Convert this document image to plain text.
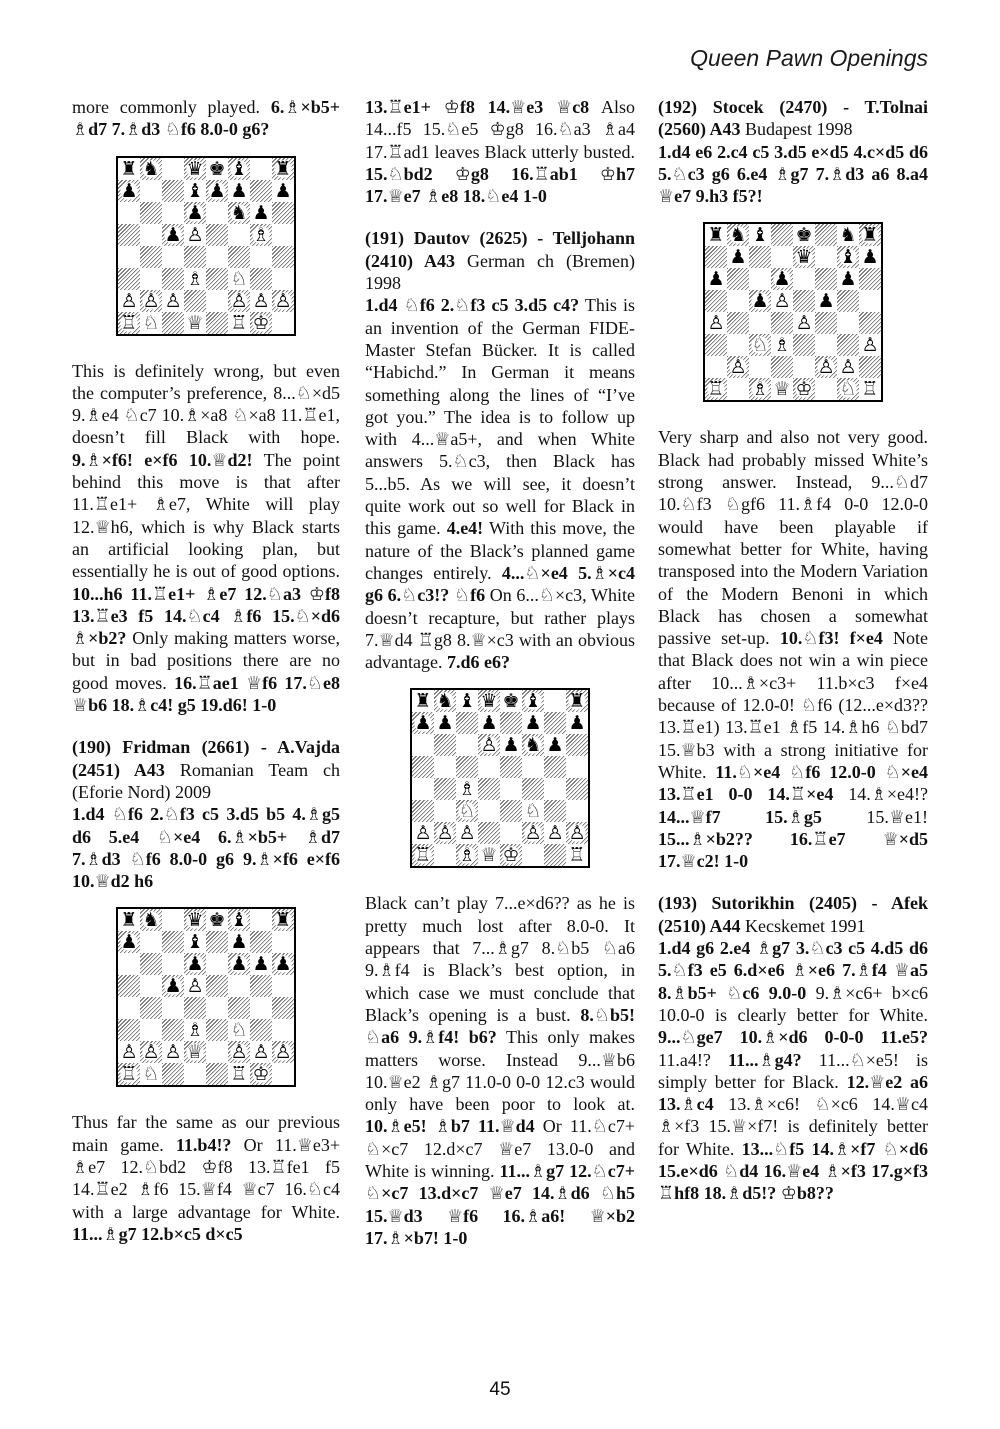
Queen Pawn Openings

more commonly played. 6.♗×b5+ ♗d7 7.♗d3 ♘f6 8.0-0 g6?

♜ ♞ ♛ ♚ ♝ ♜
♟	♝ ♟ ♟ ♟
♟ ♞ ♟
♟ ♙	♗
♗ ♘
♙ ♙ ♙	♙ ♙ ♙
♖ ♘ ♕ ♖ ♔

This is definitely wrong, but even the computer’s preference, 8...♘×d5 9.♗e4 ♘c7 10.♗×a8 ♘×a8 11.♖e1, doesn’t fill Black with hope. 9.♗×f6! e×f6 10.♕d2! The point behind this move is that after 11.♖e1+ ♗e7, White will play 12.♕h6, which is why Black starts an artificial looking plan, but essentially he is out of good options. 10...h6 11.♖e1+ ♗e7 12.♘a3 ♔f8 13.♖e3 f5 14.♘c4 ♗f6 15.♘×d6 ♗×b2? Only making matters worse, but in bad positions there are no good moves. 16.♖ae1 ♕f6 17.♘e8 ♕b6 18.♗c4! g5 19.d6! 1-0

(190) Fridman (2661) - A.Vajda (2451) A43 Romanian Team ch (Eforie Nord) 2009

1.d4 ♘f6 2.♘f3 c5 3.d5 b5 4.♗g5 d6 5.e4 ♘×e4 6.♗×b5+ ♗d7 7.♗d3 ♘f6 8.0-0 g6 9.♗×f6 e×f6 10.♕d2 h6

♜ ♞ ♛ ♚ ♝ ♜
♟	♝ ♟
♟ ♟ ♟ ♟
♟ ♙
♗ ♘
♙ ♙ ♙ ♕ ♙ ♙ ♙
♖ ♘	♖ ♔

Thus far the same as our previous main game. 11.b4!? Or 11.♕e3+ ♗e7 12.♘bd2 ♔f8 13.♖fe1 f5 14.♖e2 ♗f6 15.♕f4 ♕c7 16.♘c4 with a large advantage for White. 11...♗g7 12.b×c5 d×c5

13.♖e1+ ♔f8 14.♕e3 ♕c8 Also 14...f5 15.♘e5 ♔g8 16.♘a3 ♗a4 17.♖ad1 leaves Black utterly busted. 15.♘bd2 ♔g8 16.♖ab1 ♔h7 17.♕e7 ♗e8 18.♘e4 1-0

(191) Dautov (2625) - Telljohann (2410) A43 German ch (Bremen) 1998

1.d4 ♘f6 2.♘f3 c5 3.d5 c4? This is an invention of the German FIDE-Master Stefan Bücker. It is called “Habichd.” In German it means something along the lines of “I’ve got you.” The idea is to follow up with 4...♕a5+, and when White answers 5.♘c3, then Black has 5...b5. As we will see, it doesn’t quite work out so well for Black in this game. 4.e4! With this move, the nature of the Black’s planned game changes entirely. 4...♘×e4 5.♗×c4 g6 6.♘c3!? ♘f6 On 6...♘×c3, White doesn’t recapture, but rather plays 7.♕d4 ♖g8 8.♕×c3 with an obvious advantage. 7.d6 e6?

♜ ♞ ♝ ♛ ♚ ♝ ♜
♟ ♟ ♟ ♟ ♟
♙ ♟ ♞ ♟
♗
♘	♘
♙ ♙ ♙	♙ ♙ ♙
♖ ♗ ♕ ♔	♖

Black can’t play 7...e×d6?? as he is pretty much lost after 8.0-0. It appears that 7...♗g7 8.♘b5 ♘a6 9.♗f4 is Black’s best option, in which case we must conclude that Black’s opening is a bust. 8.♘b5! ♘a6 9.♗f4! b6? This only makes matters worse. Instead 9...♕b6 10.♕e2 ♗g7 11.0-0 0-0 12.c3 would only have been poor to look at. 10.♗e5! ♗b7 11.♕d4 Or 11.♘c7+ ♘×c7 12.d×c7 ♕e7 13.0-0 and White is winning. 11...♗g7 12.♘c7+ ♘×c7 13.d×c7 ♕e7 14.♗d6 ♘h5 15.♕d3 ♕f6 16.♗a6! ♕×b2 17.♗×b7! 1-0

(192) Stocek (2470) - T.Tolnai (2560) A43 Budapest 1998

1.d4 e6 2.c4 c5 3.d5 e×d5 4.c×d5 d6 5.♘c3 g6 6.e4 ♗g7 7.♗d3 a6 8.a4 ♕e7 9.h3 f5?!

♜ ♞ ♝ ♚ ♞ ♜
♟	♛ ♝ ♟
♟	♟	♟
♟ ♙ ♟
♙	♙
♘ ♗	♙
♙	♙ ♙
♖ ♗ ♕ ♔ ♘ ♖

Very sharp and also not very good. Black had probably missed White’s strong answer. Instead, 9...♘d7 10.♘f3 ♘gf6 11.♗f4 0-0 12.0-0 would have been playable if somewhat better for White, having transposed into the Modern Variation of the Modern Benoni in which Black has chosen a somewhat passive set-up. 10.♘f3! f×e4 Note that Black does not win a win piece after 10...♗×c3+ 11.b×c3 f×e4 because of 12.0-0! ♘f6 (12...e×d3?? 13.♖e1) 13.♖e1 ♗f5 14.♗h6 ♘bd7 15.♕b3 with a strong initiative for White. 11.♘×e4 ♘f6 12.0-0 ♘×e4 13.♖e1 0-0 14.♖×e4 14.♗×e4!? 14...♕f7 15.♗g5 15.♕e1! 15...♗×b2?? 16.♖e7 ♕×d5 17.♕c2! 1-0

(193) Sutorikhin (2405) - Afek (2510) A44 Kecskemet 1991

1.d4 g6 2.e4 ♗g7 3.♘c3 c5 4.d5 d6 5.♘f3 e5 6.d×e6 ♗×e6 7.♗f4 ♕a5 8.♗b5+ ♘c6 9.0-0 9.♗×c6+ b×c6 10.0-0 is clearly better for White. 9...♘ge7 10.♗×d6 0-0-0 11.e5? 11.a4!? 11...♗g4? 11...♘×e5! is simply better for Black. 12.♕e2 a6 13.♗c4 13.♗×c6! ♘×c6 14.♕c4 ♗×f3 15.♕×f7! is definitely better for White. 13...♘f5 14.♗×f7 ♘×d6 15.e×d6 ♘d4 16.♕e4 ♗×f3 17.g×f3 ♖hf8 18.♗d5!? ♔b8??

45
